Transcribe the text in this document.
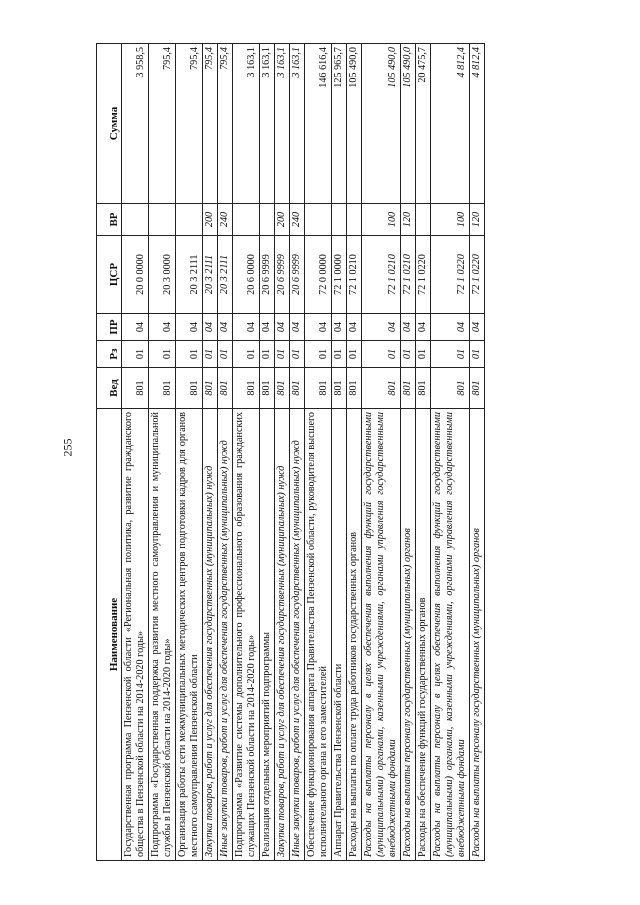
255
Наименование	Вед	Рз	ПР	ЦСР	ВР	Сумма
Государственная программа Пензенской области «Региональная политика, развитие гражданского общества в Пензенской области на 2014-2020 годы»	801	01	04	20 0 0000		3 958,5
Подпрограмма «Государственная поддержка развития местного самоуправления и муниципальной службы в Пензенской области на 2014-2020 годы»	801	01	04	20 3 0000		795,4
Организация работы сети межмуниципальных методических центров подготовки кадров для органов местного самоуправления Пензенской области	801	01	04	20 3 2111		795,4
Закупка товаров, работ и услуг для обеспечения государственных (муниципальных) нужд	801	01	04	20 3 2111	200	795,4
Иные закупки товаров, работ и услуг для обеспечения государственных (муниципальных) нужд	801	01	04	20 3 2111	240	795,4
Подпрограмма «Развитие системы дополнительного профессионального образования гражданских служащих Пензенской области на 2014-2020 годы»	801	01	04	20 6 0000		3 163,1
Реализация отдельных мероприятий подпрограммы	801	01	04	20 6 9999		3 163,1
Закупка товаров, работ и услуг для обеспечения государственных (муниципальных) нужд	801	01	04	20 6 9999	200	3 163,1
Иные закупки товаров, работ и услуг для обеспечения государственных (муниципальных) нужд	801	01	04	20 6 9999	240	3 163,1
Обеспечение функционирования аппарата Правительства Пензенской области, руководителя высшего исполнительного органа и его заместителей	801	01	04	72 0 0000		146 616,4
Аппарат Правительства Пензенской области	801	01	04	72 1 0000		125 965,7
Расходы на выплаты по оплате труда работников государственных органов	801	01	04	72 1 0210		105 490,0
Расходы на выплаты персоналу в целях обеспечения выполнения функций государственными (муниципальными) органами, казенными учреждениями, органами управления государственными внебюджетными фондами	801	01	04	72 1 0210	100	105 490,0
Расходы на выплаты персоналу государственных (муниципальных) органов	801	01	04	72 1 0210	120	105 490,0
Расходы на обеспечение функций государственных органов	801	01	04	72 1 0220		20 475,7
Расходы на выплаты персоналу в целях обеспечения выполнения функций государственными (муниципальными) органами, казенными учреждениями, органами управления государственными внебюджетными фондами	801	01	04	72 1 0220	100	4 812,4
Расходы на выплаты персоналу государственных (муниципальных) органов	801	01	04	72 1 0220	120	4 812,4
